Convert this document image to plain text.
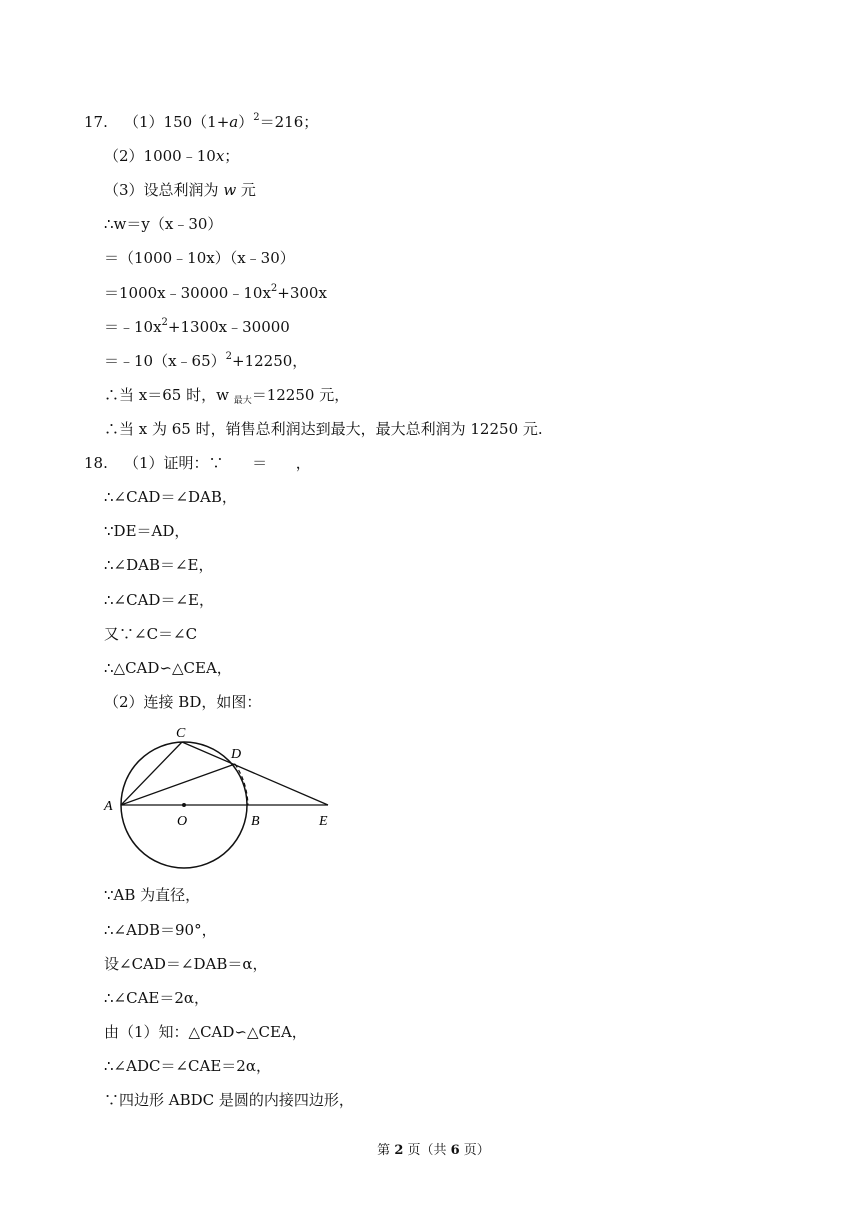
17. $(1)150(1+a)^2=216$；
（2）1000﹣10x；
（3）设总利润为 w 元
∴w＝y（x﹣30）
＝（1000﹣10x）（x﹣30）
$=1000x﹣30000﹣10x^2+300x$
$=﹣10x^2+1300x﹣30000$
＝﹣10（x﹣65）$^2$+12250，
∴当 x＝65 时，w $_{最大}$＝12250 元，
∴当 x 为 65 时，销售总利润达到最大，最大总利润为 12250 元.
18. （1）证明：∵      ＝      ，
∴∠CAD＝∠DAB，
∵DE＝AD，
∴∠DAB＝∠E，
∴∠CAD＝∠E，
又∵∠C＝∠C
∴△CAD∽△CEA，
（2）连接 BD，如图：
A
C
D
O	B	E
∵AB 为直径，
∴∠ADB＝90°，
设∠CAD＝∠DAB＝α，
∴∠CAE＝2α，
由（1）知：△CAD∽△CEA，
∴∠ADC＝∠CAE＝2α，
∵四边形 ABDC 是圆的内接四边形，
第 2 页（共 6 页）
